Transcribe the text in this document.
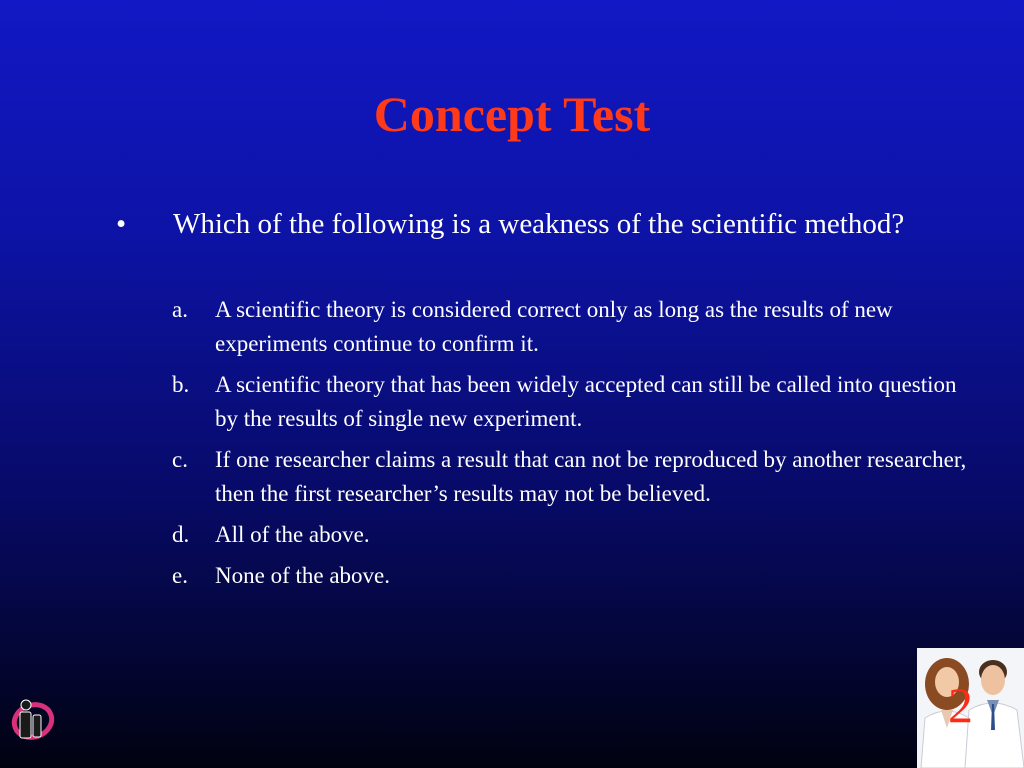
Concept Test
•	Which of the following is a weakness of the scientific method?
a. A scientific theory is considered correct only as long as the results of new experiments continue to confirm it.
b. A scientific theory that has been widely accepted can still be called into question by the results of single new experiment.
c. If one researcher claims a result that can not be reproduced by another researcher, then the first researcher’s results may not be believed.
d. All of the above.
e. None of the above.
2
